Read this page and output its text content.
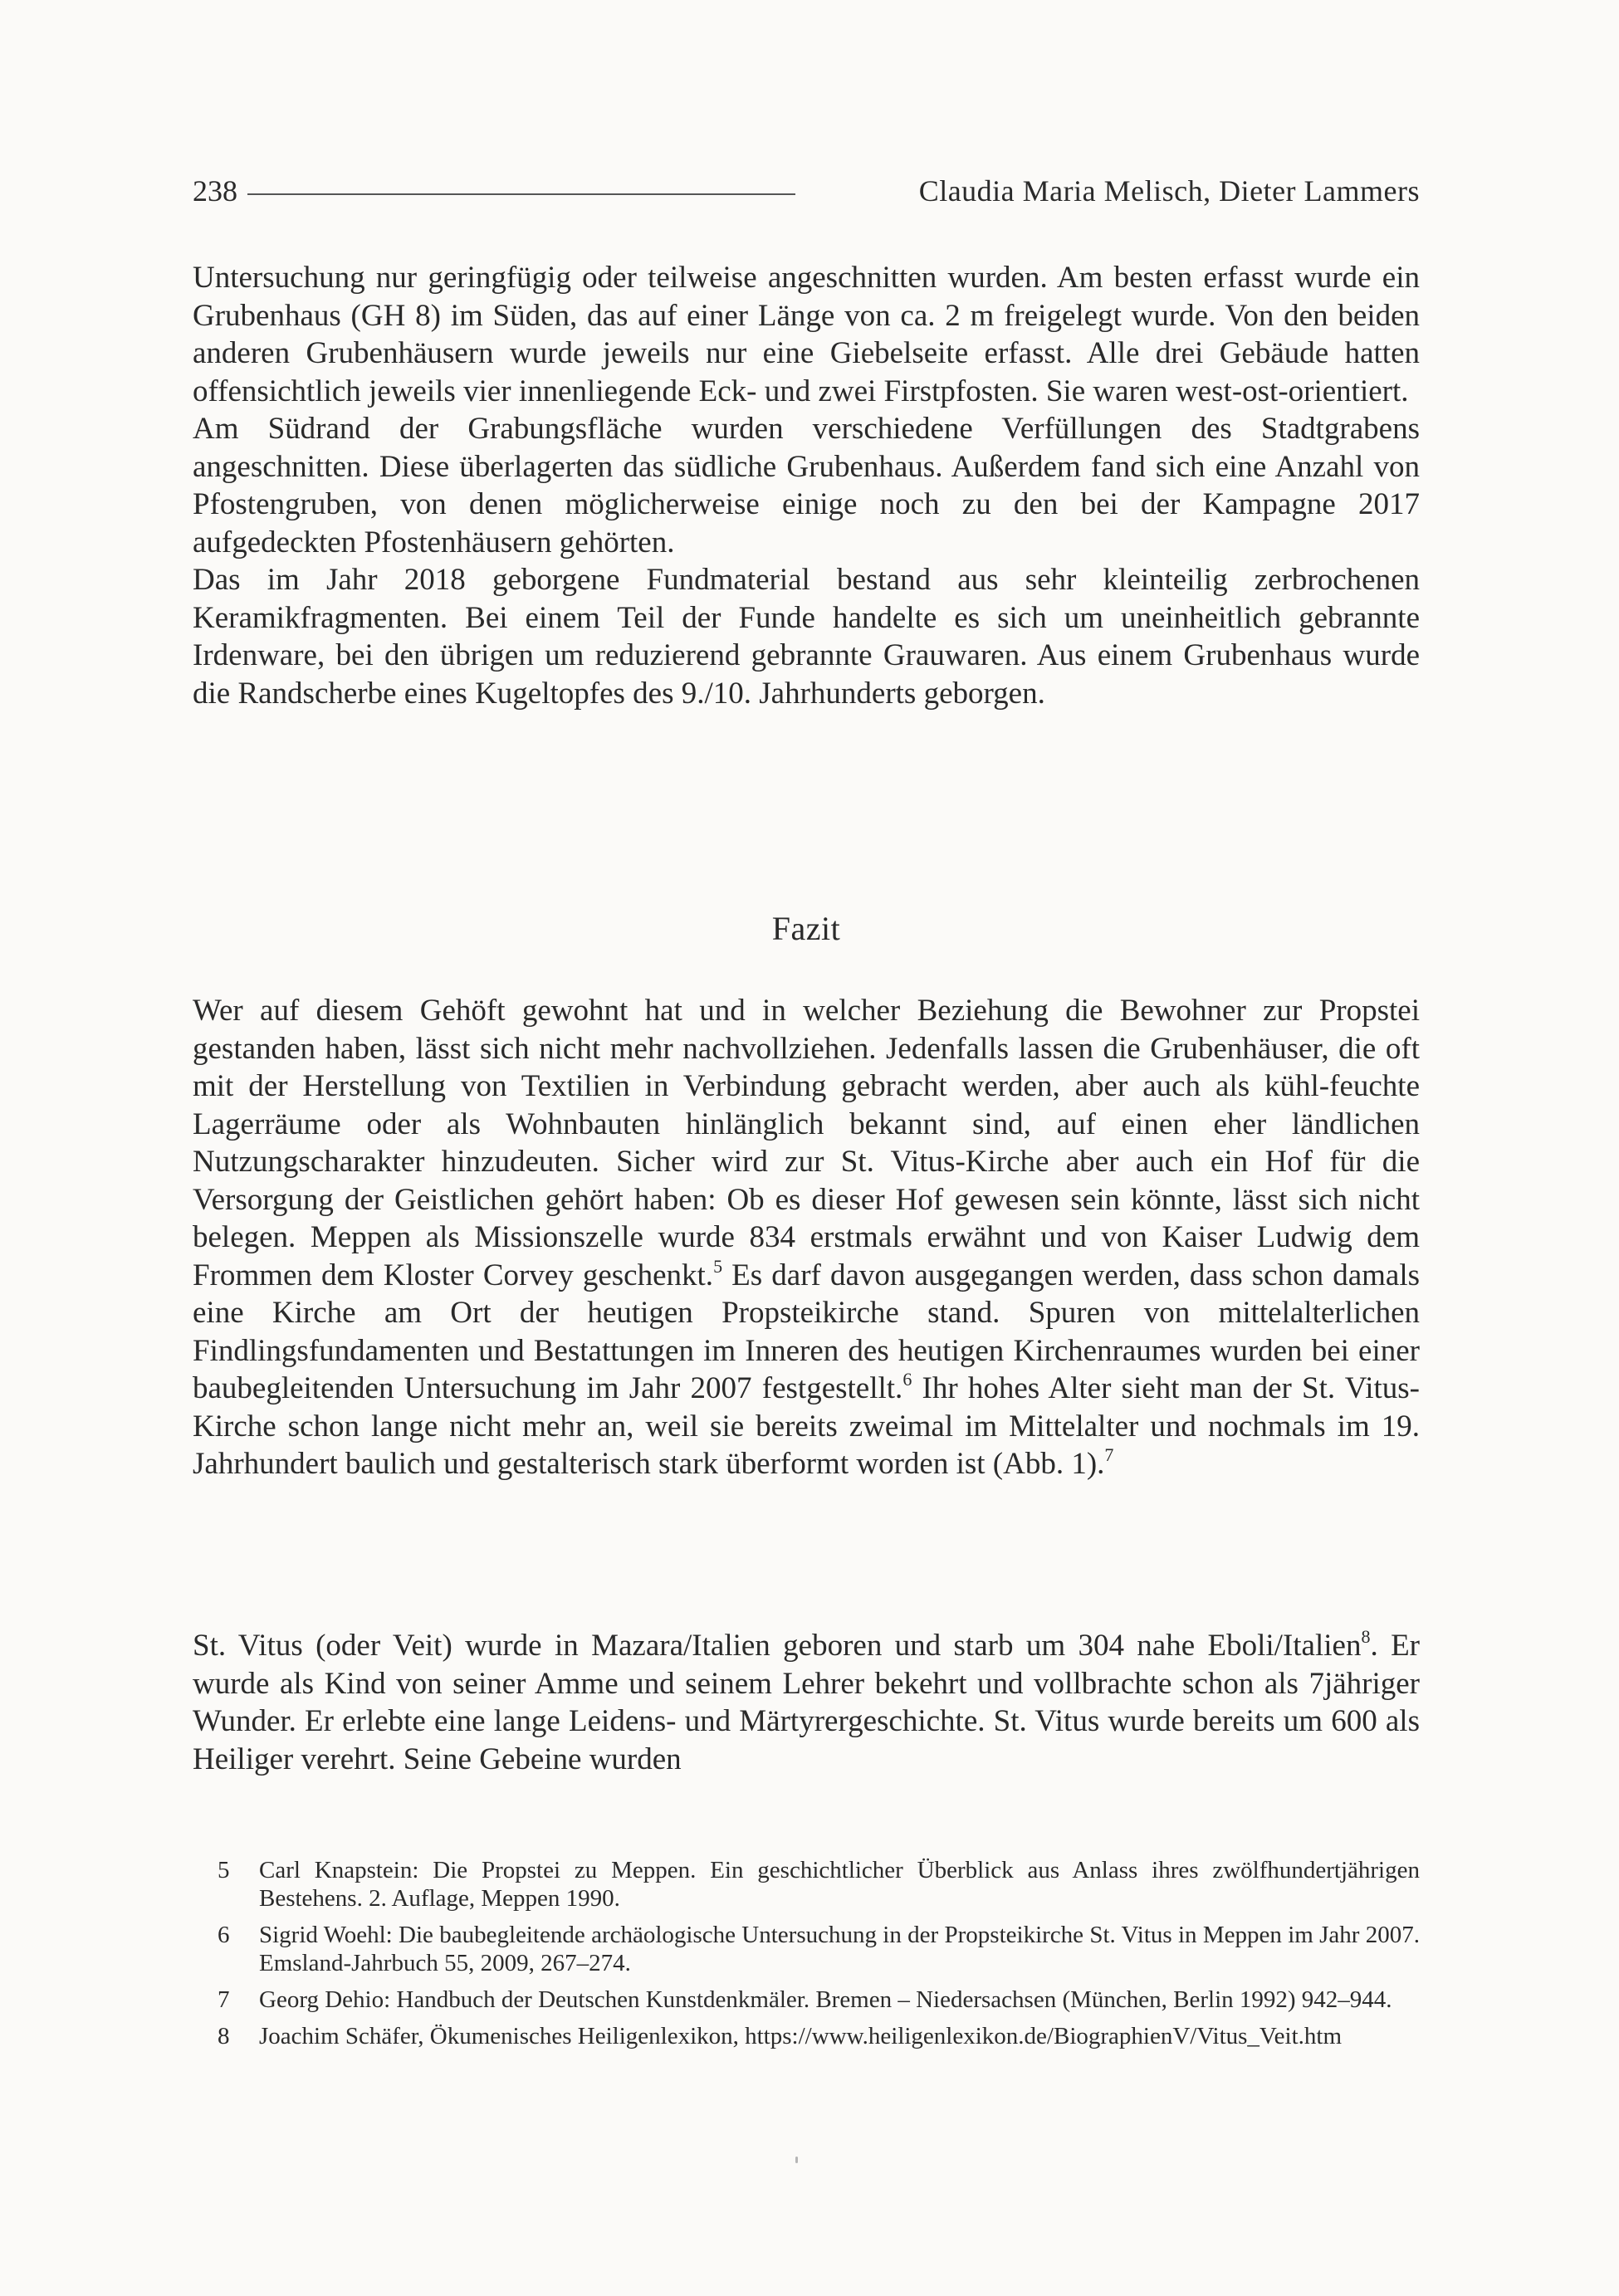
238	Claudia Maria Melisch, Dieter Lammers

Untersuchung nur geringfügig oder teilweise angeschnitten wurden. Am besten erfasst wurde ein Grubenhaus (GH 8) im Süden, das auf einer Länge von ca. 2 m freigelegt wurde. Von den beiden anderen Grubenhäusern wurde jeweils nur eine Giebelseite erfasst. Alle drei Gebäude hatten offensichtlich jeweils vier innenliegende Eck- und zwei Firstpfosten. Sie waren west-ost-orientiert.

Am Südrand der Grabungsfläche wurden verschiedene Verfüllungen des Stadtgrabens angeschnitten. Diese überlagerten das südliche Grubenhaus. Außerdem fand sich eine Anzahl von Pfostengruben, von denen möglicherweise einige noch zu den bei der Kampagne 2017 aufgedeckten Pfostenhäusern gehörten.

Das im Jahr 2018 geborgene Fundmaterial bestand aus sehr kleinteilig zerbrochenen Keramikfragmenten. Bei einem Teil der Funde handelte es sich um uneinheitlich gebrannte Irdenware, bei den übrigen um reduzierend gebrannte Grauwaren. Aus einem Grubenhaus wurde die Randscherbe eines Kugeltopfes des 9./10. Jahrhunderts geborgen.

Fazit

Wer auf diesem Gehöft gewohnt hat und in welcher Beziehung die Bewohner zur Propstei gestanden haben, lässt sich nicht mehr nachvollziehen. Jedenfalls lassen die Grubenhäuser, die oft mit der Herstellung von Textilien in Verbindung gebracht werden, aber auch als kühl-feuchte Lagerräume oder als Wohnbauten hinlänglich bekannt sind, auf einen eher ländlichen Nutzungscharakter hinzudeuten. Sicher wird zur St. Vitus-Kirche aber auch ein Hof für die Versorgung der Geistlichen gehört haben: Ob es dieser Hof gewesen sein könnte, lässt sich nicht belegen. Meppen als Missionszelle wurde 834 erstmals erwähnt und von Kaiser Ludwig dem Frommen dem Kloster Corvey geschenkt.$^5$ Es darf davon ausgegangen werden, dass schon damals eine Kirche am Ort der heutigen Propsteikirche stand. Spuren von mittelalterlichen Findlingsfundamenten und Bestattungen im Inneren des heutigen Kirchenraumes wurden bei einer baubegleitenden Untersuchung im Jahr 2007 festgestellt.$^6$ Ihr hohes Alter sieht man der St. Vitus-Kirche schon lange nicht mehr an, weil sie bereits zweimal im Mittelalter und nochmals im 19. Jahrhundert baulich und gestalterisch stark überformt worden ist (Abb. 1).$^7$

St. Vitus (oder Veit) wurde in Mazara/Italien geboren und starb um 304 nahe Eboli/Italien$^8$. Er wurde als Kind von seiner Amme und seinem Lehrer bekehrt und vollbrachte schon als 7jähriger Wunder. Er erlebte eine lange Leidens- und Märtyrergeschichte. St. Vitus wurde bereits um 600 als Heiliger verehrt. Seine Gebeine wurden

5	Carl Knapstein: Die Propstei zu Meppen. Ein geschichtlicher Überblick aus Anlass ihres zwölfhundertjährigen Bestehens. 2. Auflage, Meppen 1990.
6	Sigrid Woehl: Die baubegleitende archäologische Untersuchung in der Propsteikirche St. Vitus in Meppen im Jahr 2007. Emsland-Jahrbuch 55, 2009, 267–274.
7	Georg Dehio: Handbuch der Deutschen Kunstdenkmäler. Bremen – Niedersachsen (München, Berlin 1992) 942–944.
8	Joachim Schäfer, Ökumenisches Heiligenlexikon, https://www.heiligenlexikon.de/BiographienV/Vitus_Veit.htm
